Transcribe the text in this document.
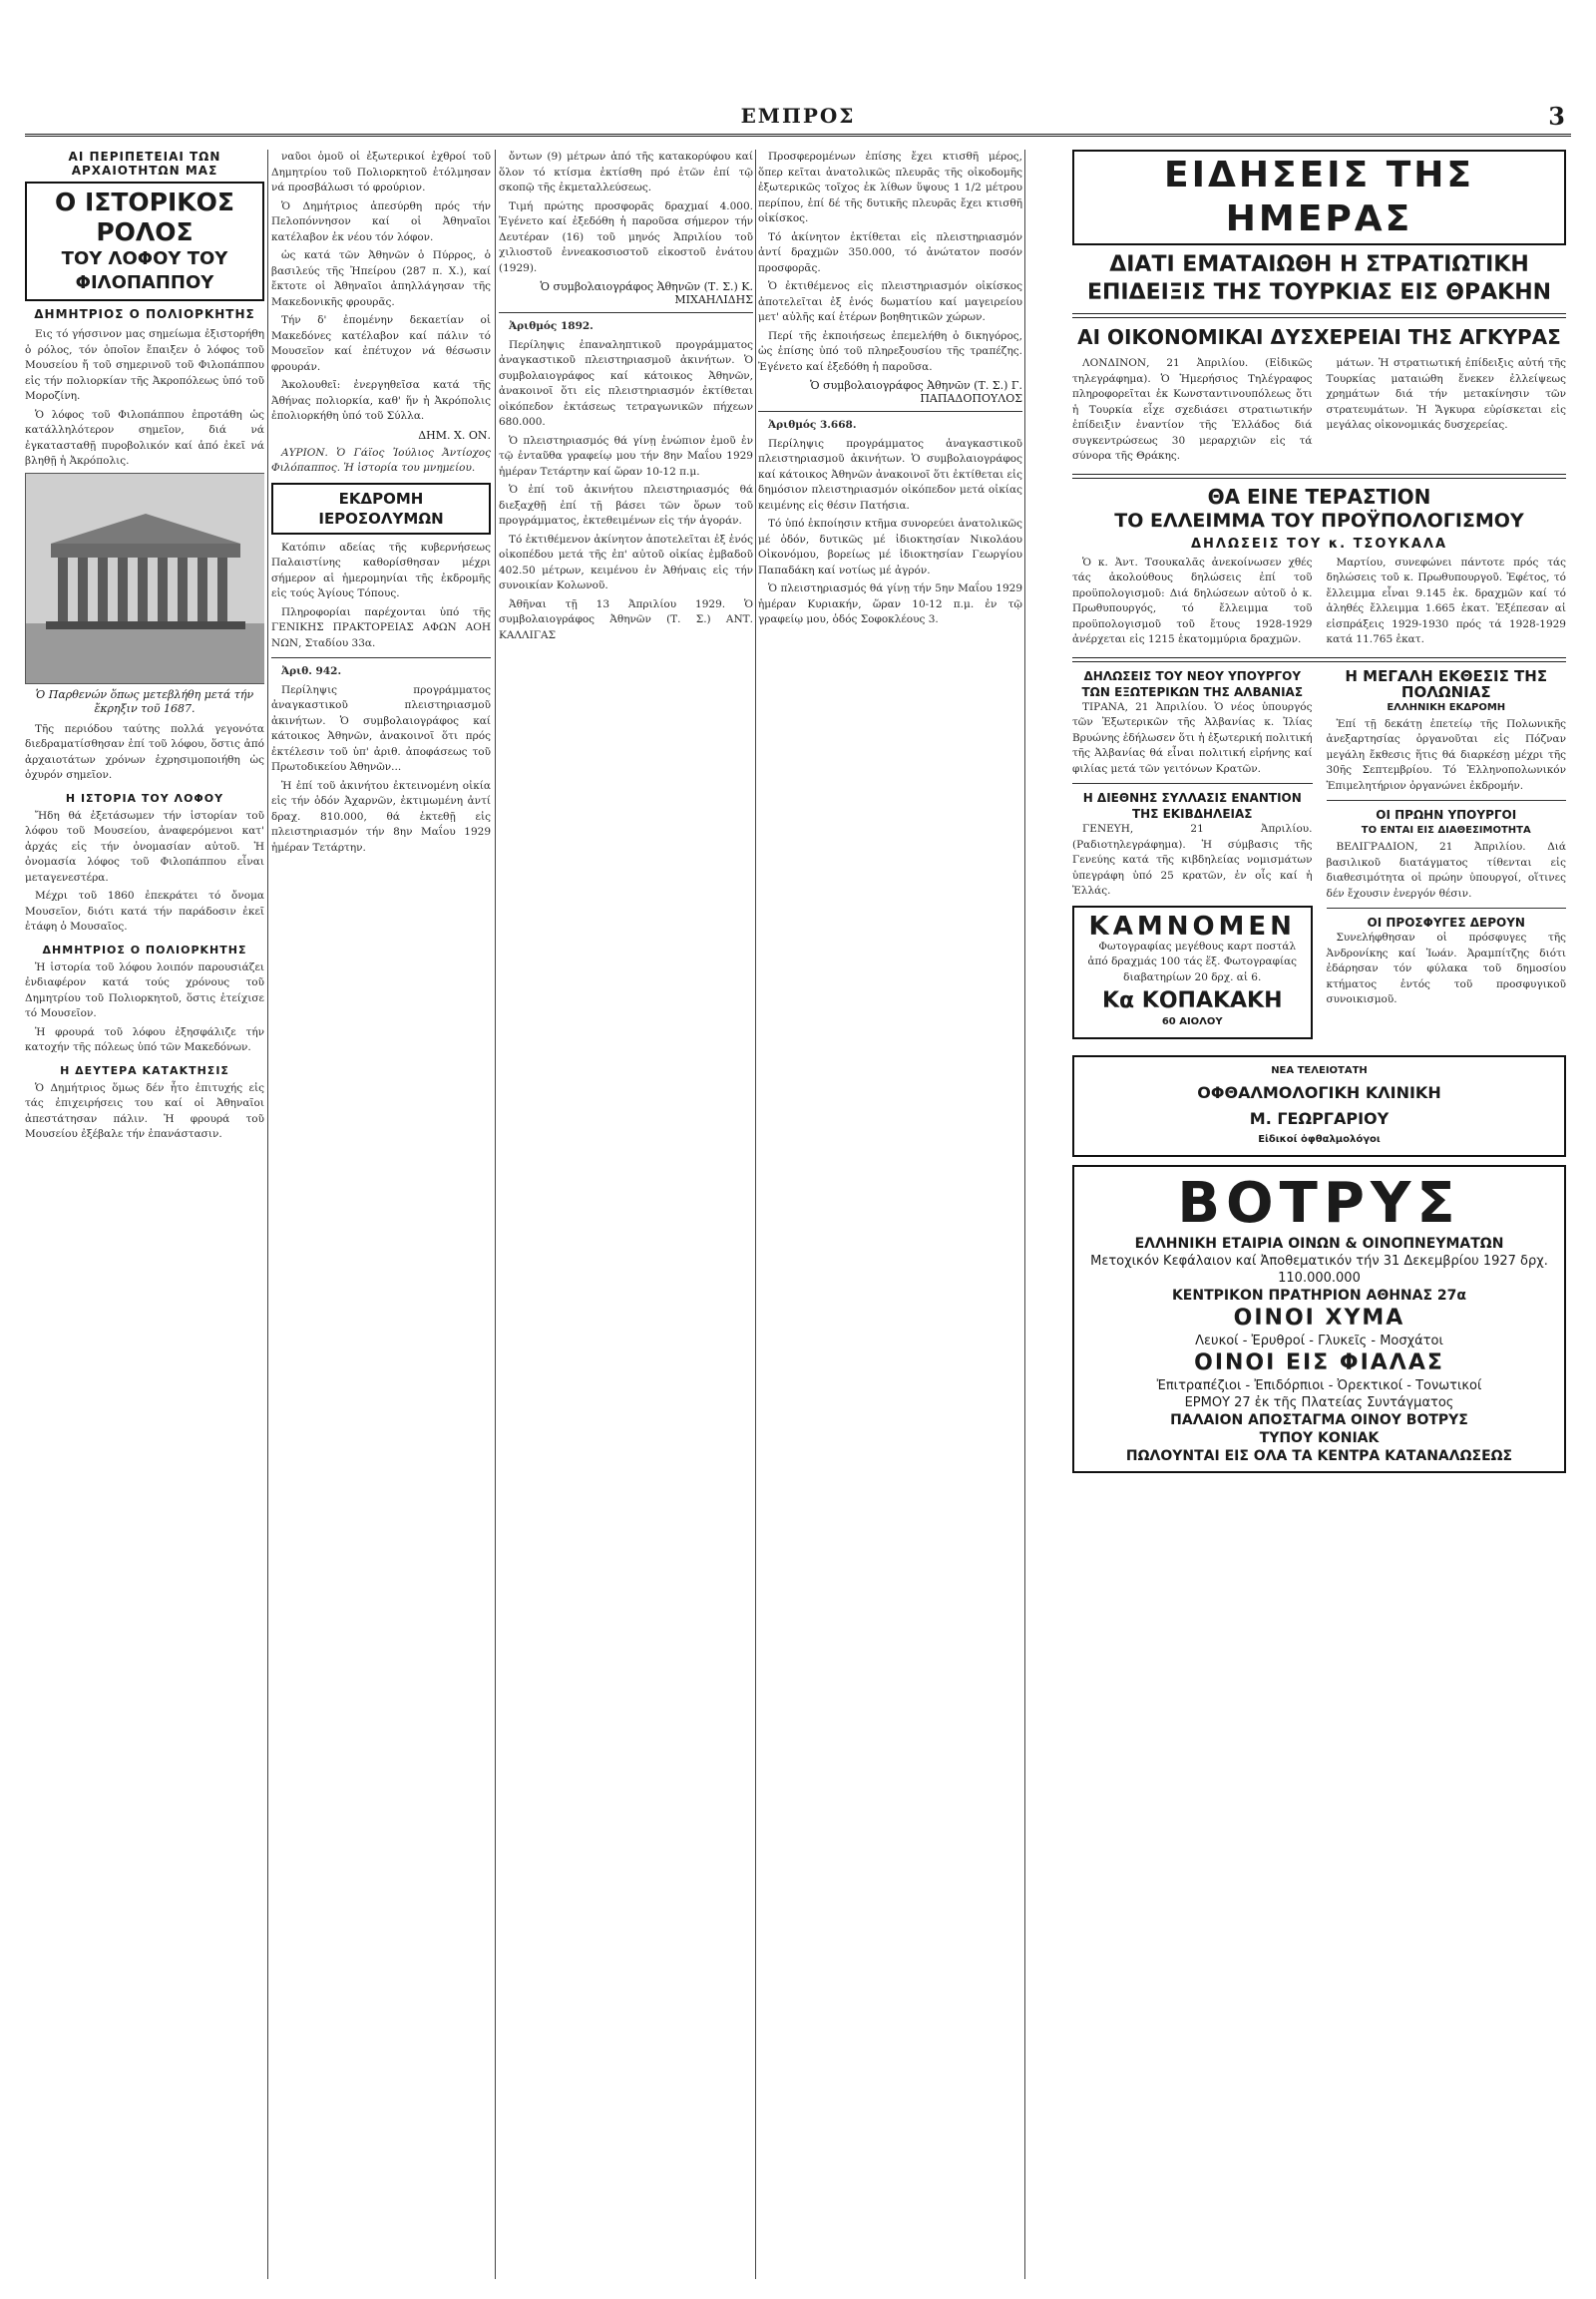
ΕΜΠΡΟΣ	3
ΑΙ ΠΕΡΙΠΕΤΕΙΑΙ ΤΩΝ ΑΡΧΑΙΟΤΗΤΩΝ ΜΑΣ
Ο ΙΣΤΟΡΙΚΟΣ ΡΟΛΟΣ
ΤΟΥ ΛΟΦΟΥ ΤΟΥ ΦΙΛΟΠΑΠΠΟΥ
ΔΗΜΗΤΡΙΟΣ Ο ΠΟΛΙΟΡΚΗΤΗΣ

Εις τό γήσσινον μας σημείωμα ἐξιστορήθη ὁ ρόλος, τόν ὁποῖον ἔπαιξεν ὁ λόφος τοῦ Μουσείου ἤ τοῦ σημερινοῦ τοῦ Φιλοπάππου εἰς τήν πολιορκίαν τῆς Ἀκροπόλεως ὑπό τοῦ Μοροζίνη.

Ὁ λόφος τοῦ Φιλοπάππου ἐπροτάθη ὡς κατάλληλότερον σημεῖον, διά νά ἐγκατασταθῇ πυροβολικόν καί ἀπό ἐκεῖ νά βληθῇ ἡ Ἀκρόπολις.

Ὁ Παρθενών ὅπως μετεβλήθη μετά τήν ἔκρηξιν τοῦ 1687.

Τῆς περιόδου ταύτης πολλά γεγονότα διεδραματίσθησαν ἐπί τοῦ λόφου, ὅστις ἀπό ἀρχαιοτάτων χρόνων ἐχρησιμοποιήθη ὡς ὀχυρόν σημεῖον.

Η ΙΣΤΟΡΙΑ ΤΟΥ ΛΟΦΟΥ

Ἤδη θά ἐξετάσωμεν τήν ἱστορίαν τοῦ λόφου τοῦ Μουσείου, ἀναφερόμενοι κατ' ἀρχάς εἰς τήν ὀνομασίαν αὐτοῦ. Ἡ ὀνομασία λόφος τοῦ Φιλοπάππου εἶναι μεταγενεστέρα.

Μέχρι τοῦ 1860 ἐπεκράτει τό ὄνομα Μουσεῖον, διότι κατά τήν παράδοσιν ἐκεῖ ἐτάφη ὁ Μουσαῖος.

ΔΗΜΗΤΡΙΟΣ Ο ΠΟΛΙΟΡΚΗΤΗΣ

Ἡ ἱστορία τοῦ λόφου λοιπόν παρουσιάζει ἐνδιαφέρον κατά τούς χρόνους τοῦ Δημητρίου τοῦ Πολιορκητοῦ, ὅστις ἐτείχισε τό Μουσεῖον.

Ἡ φρουρά τοῦ λόφου ἐξησφάλιζε τήν κατοχήν τῆς πόλεως ὑπό τῶν Μακεδόνων.

Η ΔΕΥΤΕΡΑ ΚΑΤΑΚΤΗΣΙΣ

Ὁ Δημήτριος ὅμως δέν ἦτο ἐπιτυχής εἰς τάς ἐπιχειρήσεις του καί οἱ Ἀθηναῖοι ἀπεστάτησαν πάλιν. Ἡ φρουρά τοῦ Μουσείου ἐξέβαλε τήν ἐπανάστασιν.

ναῦοι ὁμοῦ οἱ ἐξωτερικοί ἐχθροί τοῦ Δημητρίου τοῦ Πολιορκητοῦ ἐτόλμησαν νά προσβάλωσι τό φρούριον.

Ὁ Δημήτριος ἀπεσύρθη πρός τήν Πελοπόννησον καί οἱ Ἀθηναῖοι κατέλαβον ἐκ νέου τόν λόφον.

ὡς κατά τῶν Ἀθηνῶν ὁ Πύρρος, ὁ βασιλεύς τῆς Ἠπείρου (287 π. Χ.), καί ἔκτοτε οἱ Ἀθηναῖοι ἀπηλλάγησαν τῆς Μακεδονικῆς φρουρᾶς.

Τήν δ' ἐπομένην δεκαετίαν οἱ Μακεδόνες κατέλαβον καί πάλιν τό Μουσεῖον καί ἐπέτυχον νά θέσωσιν φρουράν.

Ἀκολουθεῖ: ἐνεργηθεῖσα κατά τῆς Ἀθήνας πολιορκία, καθ' ἥν ἡ Ἀκρόπολις ἐπολιορκήθη ὑπό τοῦ Σύλλα.

ΔΗΜ. Χ. ΟΝ.

ΑΥΡΙΟΝ. Ὁ Γάϊος Ἰούλιος Ἀντίοχος Φιλόπαππος. Ἡ ἱστορία του μνημείου.

ΕΚΔΡΟΜΗ ΙΕΡΟΣΟΛΥΜΩΝ

Κατόπιν αδείας τῆς κυβερνήσεως Παλαιστίνης καθορίσθησαν μέχρι σήμερον αἱ ἡμερομηνίαι τῆς ἐκδρομῆς εἰς τούς Ἁγίους Τόπους.

Πληροφορίαι παρέχονται ὑπό τῆς ΓΕΝΙΚΗΣ ΠΡΑΚΤΟΡΕΙΑΣ ΑΦΩΝ ΑΟΗ ΝΩΝ, Σταδίου 33α.

Ἀριθ. 942.

Περίληψις προγράμματος ἀναγκαστικοῦ πλειστηριασμοῦ ἀκινήτων. Ὁ συμβολαιογράφος καί κάτοικος Ἀθηνῶν, ἀνακοινοῖ ὅτι πρός ἐκτέλεσιν τοῦ ὑπ' ἀριθ. ἀποφάσεως τοῦ Πρωτοδικείου Ἀθηνῶν...

Ἡ ἐπί τοῦ ἀκινήτου ἐκτεινομένη οἰκία εἰς τήν ὁδόν Ἀχαρνῶν, ἐκτιμωμένη ἀντί δραχ. 810.000, θά ἐκτεθῇ εἰς πλειστηριασμόν τήν 8ην Μαΐου 1929 ἡμέραν Τετάρτην.

ὄντων (9) μέτρων ἀπό τῆς κατακορύφου καί ὅλον τό κτίσμα ἐκτίσθη πρό ἐτῶν ἐπί τῷ σκοπῷ τῆς ἐκμεταλλεύσεως.

Τιμή πρώτης προσφορᾶς δραχμαί 4.000. Ἐγένετο καί ἐξεδόθη ἡ παροῦσα σήμερον τήν Δευτέραν (16) τοῦ μηνός Ἀπριλίου τοῦ χιλιοστοῦ ἐννεακοσιοστοῦ εἰκοστοῦ ἐνάτου (1929).

Ὁ συμβολαιογράφος Ἀθηνῶν (Τ. Σ.) Κ. ΜΙΧΑΗΛΙΔΗΣ

Ἀριθμός 1892.

Περίληψις ἐπαναληπτικοῦ προγράμματος ἀναγκαστικοῦ πλειστηριασμοῦ ἀκινήτων. Ὁ συμβολαιογράφος καί κάτοικος Ἀθηνῶν, ἀνακοινοῖ ὅτι εἰς πλειστηριασμόν ἐκτίθεται οἰκόπεδον ἐκτάσεως τετραγωνικῶν πήχεων 680.000.

Ὁ πλειστηριασμός θά γίνῃ ἐνώπιον ἐμοῦ ἐν τῷ ἐνταῦθα γραφείῳ μου τήν 8ην Μαΐου 1929 ἡμέραν Τετάρτην καί ὥραν 10-12 π.μ.

Ὁ ἐπί τοῦ ἀκινήτου πλειστηριασμός θά διεξαχθῇ ἐπί τῇ βάσει τῶν ὅρων τοῦ προγράμματος, ἐκτεθειμένων εἰς τήν ἀγοράν.

Τό ἐκτιθέμενον ἀκίνητον ἀποτελεῖται ἐξ ἑνός οἰκοπέδου μετά τῆς ἐπ' αὐτοῦ οἰκίας ἐμβαδοῦ 402.50 μέτρων, κειμένου ἐν Ἀθήναις εἰς τήν συνοικίαν Κολωνοῦ.

Ἀθῆναι τῇ 13 Ἀπριλίου 1929. Ὁ συμβολαιογράφος Ἀθηνῶν (Τ. Σ.) ΑΝΤ. ΚΑΛΛΙΓΑΣ

Προσφερομένων ἐπίσης ἔχει κτισθῆ μέρος, ὅπερ κεῖται ἀνατολικῶς πλευρᾶς τῆς οἰκοδομῆς ἐξωτερικῶς τοῖχος ἐκ λίθων ὕψους 1 1/2 μέτρου περίπου, ἐπί δέ τῆς δυτικῆς πλευρᾶς ἔχει κτισθῆ οἰκίσκος.

Τό ἀκίνητον ἐκτίθεται εἰς πλειστηριασμόν ἀντί δραχμῶν 350.000, τό ἀνώτατον ποσόν προσφορᾶς.

Ὁ ἐκτιθέμενος εἰς πλειστηριασμόν οἰκίσκος ἀποτελεῖται ἐξ ἑνός δωματίου καί μαγειρείου μετ' αὐλῆς καί ἑτέρων βοηθητικῶν χώρων.

Περί τῆς ἐκποιήσεως ἐπεμελήθη ὁ δικηγόρος, ὡς ἐπίσης ὑπό τοῦ πληρεξουσίου τῆς τραπέζης. Ἐγένετο καί ἐξεδόθη ἡ παροῦσα.

Ὁ συμβολαιογράφος Ἀθηνῶν (Τ. Σ.) Γ. ΠΑΠΑΔΟΠΟΥΛΟΣ

Ἀριθμός 3.668.

Περίληψις προγράμματος ἀναγκαστικοῦ πλειστηριασμοῦ ἀκινήτων. Ὁ συμβολαιογράφος καί κάτοικος Ἀθηνῶν ἀνακοινοῖ ὅτι ἐκτίθεται εἰς δημόσιον πλειστηριασμόν οἰκόπεδον μετά οἰκίας κειμένης εἰς θέσιν Πατήσια.

Τό ὑπό ἐκποίησιν κτῆμα συνορεύει ἀνατολικῶς μέ ὁδόν, δυτικῶς μέ ἰδιοκτησίαν Νικολάου Οἰκονόμου, βορείως μέ ἰδιοκτησίαν Γεωργίου Παπαδάκη καί νοτίως μέ ἀγρόν.

Ὁ πλειστηριασμός θά γίνῃ τήν 5ην Μαΐου 1929 ἡμέραν Κυριακήν, ὥραν 10-12 π.μ. ἐν τῷ γραφείῳ μου, ὁδός Σοφοκλέους 3.

ΕΙΔΗΣΕΙΣ ΤΗΣ ΗΜΕΡΑΣ
ΔΙΑΤΙ ΕΜΑΤΑΙΩΘΗ Η ΣΤΡΑΤΙΩΤΙΚΗ
ΕΠΙΔΕΙΞΙΣ ΤΗΣ ΤΟΥΡΚΙΑΣ ΕΙΣ ΘΡΑΚΗΝ
ΑΙ ΟΙΚΟΝΟΜΙΚΑΙ ΔΥΣΧΕΡΕΙΑΙ ΤΗΣ ΑΓΚΥΡΑΣ

ΛΟΝΔΙΝΟΝ, 21 Ἀπριλίου. (Εἰδικῶς τηλεγράφημα). Ὁ Ἡμερήσιος Τηλέγραφος πληροφορεῖται ἐκ Κωνσταντινουπόλεως ὅτι ἡ Τουρκία εἶχε σχεδιάσει στρατιωτικήν ἐπίδειξιν ἐναντίον τῆς Ἑλλάδος διά συγκεντρώσεως 30 μεραρχιῶν εἰς τά σύνορα τῆς Θράκης.

μάτων. Ἡ στρατιωτική ἐπίδειξις αὐτή τῆς Τουρκίας ματαιώθη ἕνεκεν ἐλλείψεως χρημάτων διά τήν μετακίνησιν τῶν στρατευμάτων. Ἡ Ἄγκυρα εὑρίσκεται εἰς μεγάλας οἰκονομικάς δυσχερείας.

ΘΑ ΕΙΝΕ ΤΕΡΑΣΤΙΟΝ
ΤΟ ΕΛΛΕΙΜΜΑ ΤΟΥ ΠΡΟΫΠΟΛΟΓΙΣΜΟΥ
ΔΗΛΩΣΕΙΣ ΤΟΥ κ. ΤΣΟΥΚΑΛΑ

Ὁ κ. Ἀντ. Τσουκαλᾶς ἀνεκοίνωσεν χθές τάς ἀκολούθους δηλώσεις ἐπί τοῦ προϋπολογισμοῦ: Διά δηλώσεων αὐτοῦ ὁ κ. Πρωθυπουργός, τό ἔλλειμμα τοῦ προϋπολογισμοῦ τοῦ ἔτους 1928-1929 ἀνέρχεται εἰς 1215 ἑκατομμύρια δραχμῶν.

Μαρτίου, συνεφώνει πάντοτε πρός τάς δηλώσεις τοῦ κ. Πρωθυπουργοῦ. Ἐφέτος, τό ἔλλειμμα εἶναι 9.145 ἑκ. δραχμῶν καί τό ἀληθές ἔλλειμμα 1.665 ἑκατ. Ἐξέπεσαν αἱ εἰσπράξεις 1929-1930 πρός τά 1928-1929 κατά 11.765 ἑκατ.

ΔΗΛΩΣΕΙΣ ΤΟΥ ΝΕΟΥ ΥΠΟΥΡΓΟΥ ΤΩΝ ΕΞΩΤΕΡΙΚΩΝ ΤΗΣ ΑΛΒΑΝΙΑΣ

ΤΙΡΑΝΑ, 21 Ἀπριλίου. Ὁ νέος ὑπουργός τῶν Ἐξωτερικῶν τῆς Ἀλβανίας κ. Ἰλίας Βρυώνης ἐδήλωσεν ὅτι ἡ ἐξωτερική πολιτική τῆς Ἀλβανίας θά εἶναι πολιτική εἰρήνης καί φιλίας μετά τῶν γειτόνων Κρατῶν.

Η ΔΙΕΘΝΗΣ ΣΥΛΛΑΣΙΣ ΕΝΑΝΤΙΟΝ ΤΗΣ ΕΚΙΒΔΗΛΕΙΑΣ

ΓΕΝΕΥΗ, 21 Ἀπριλίου. (Ραδιοτηλεγράφημα). Ἡ σύμβασις τῆς Γενεύης κατά τῆς κιβδηλείας νομισμάτων ὑπεγράφη ὑπό 25 κρατῶν, ἐν οἷς καί ἡ Ἑλλάς.

ΚΑΜΝΟΜΕΝ

Φωτογραφίας μεγέθους καρτ ποστάλ ἀπό δραχμάς 100 τάς ἕξ. Φωτογραφίας διαβατηρίων 20 δρχ. αἱ 6.

Κα ΚΟΠΑΚΑΚΗ
60 ΑΙΟΛΟΥ
Η ΜΕΓΑΛΗ ΕΚΘΕΣΙΣ ΤΗΣ ΠΟΛΩΝΙΑΣ
ΕΛΛΗΝΙΚΗ ΕΚΔΡΟΜΗ

Ἐπί τῇ δεκάτῃ ἐπετείῳ τῆς Πολωνικῆς ἀνεξαρτησίας ὀργανοῦται εἰς Πόζναν μεγάλη ἔκθεσις ἥτις θά διαρκέσῃ μέχρι τῆς 30ῆς Σεπτεμβρίου. Τό Ἑλληνοπολωνικόν Ἐπιμελητήριον ὀργανώνει ἐκδρομήν.

ΟΙ ΠΡΩΗΝ ΥΠΟΥΡΓΟΙ
ΤΟ ΕΝΤΑΙ ΕΙΣ ΔΙΑΘΕΣΙΜΟΤΗΤΑ

ΒΕΛΙΓΡΑΔΙΟΝ, 21 Ἀπριλίου. Διά βασιλικοῦ διατάγματος τίθενται εἰς διαθεσιμότητα οἱ πρώην ὑπουργοί, οἵτινες δέν ἔχουσιν ἐνεργόν θέσιν.

ΟΙ ΠΡΟΣΦΥΓΕΣ ΔΕΡΟΥΝ

Συνελήφθησαν οἱ πρόσφυγες τῆς Ἀνδρονίκης καί Ἰωάν. Ἀραμπίτζης διότι ἐδάρησαν τόν φύλακα τοῦ δημοσίου κτήματος ἐντός τοῦ προσφυγικοῦ συνοικισμοῦ.

ΝΕΑ ΤΕΛΕΙΟΤΑΤΗ
ΟΦΘΑΛΜΟΛΟΓΙΚΗ ΚΛΙΝΙΚΗ
Μ. ΓΕΩΡΓΑΡΙΟΥ
Εἰδικοί ὀφθαλμολόγοι
ΒΟΤΡΥΣ
ΕΛΛΗΝΙΚΗ ΕΤΑΙΡΙΑ ΟΙΝΩΝ & ΟΙΝΟΠΝΕΥΜΑΤΩΝ
Μετοχικόν Κεφάλαιον καί Ἀποθεματικόν τήν 31 Δεκεμβρίου 1927 δρχ. 110.000.000
ΚΕΝΤΡΙΚΟΝ ΠΡΑΤΗΡΙΟΝ ΑΘΗΝΑΣ 27α
ΟΙΝΟΙ ΧΥΜΑ
Λευκοί - Ἐρυθροί - Γλυκεῖς - Μοσχάτοι
ΟΙΝΟΙ ΕΙΣ ΦΙΑΛΑΣ
Ἐπιτραπέζιοι - Ἐπιδόρπιοι - Ὀρεκτικοί - Τονωτικοί
ΕΡΜΟΥ 27 ἐκ τῆς Πλατείας Συντάγματος
ΠΑΛΑΙΟΝ ΑΠΟΣΤΑΓΜΑ ΟΙΝΟΥ ΒΟΤΡΥΣ
ΤΥΠΟΥ ΚΟΝΙΑΚ
ΠΩΛΟΥΝΤΑΙ ΕΙΣ ΟΛΑ ΤΑ ΚΕΝΤΡΑ ΚΑΤΑΝΑΛΩΣΕΩΣ
